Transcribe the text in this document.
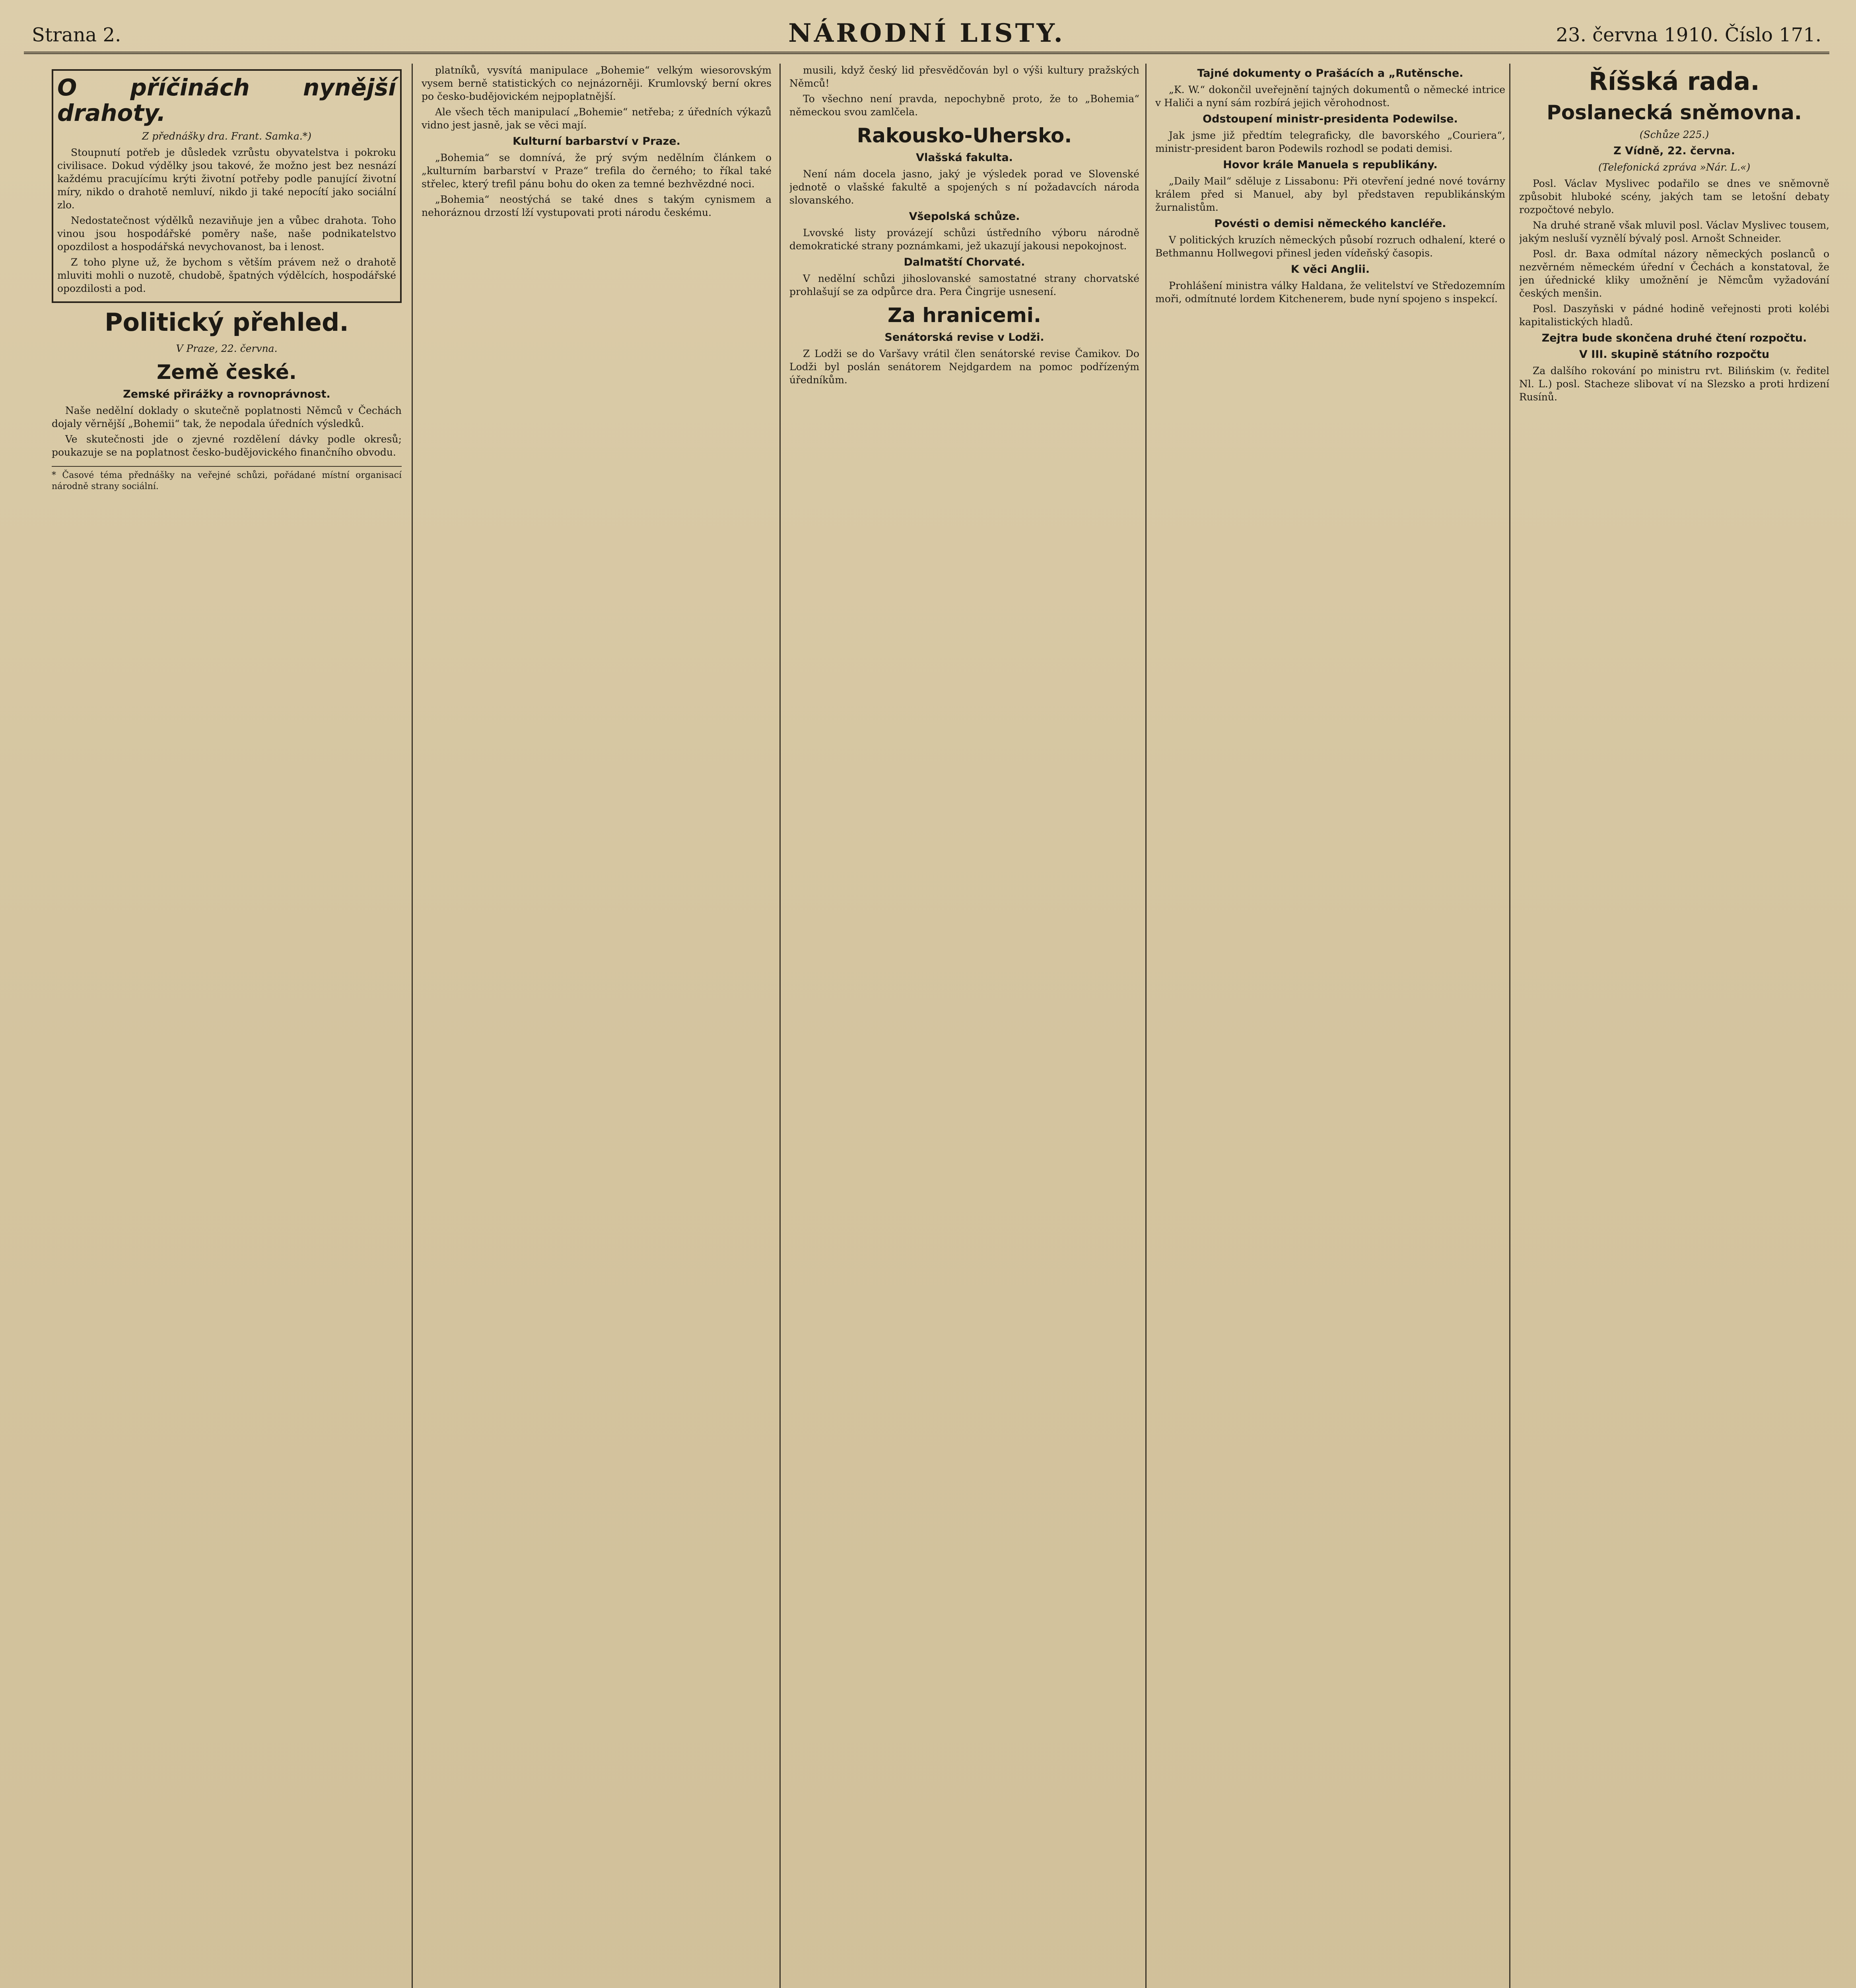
Strana 2.	NÁRODNÍ LISTY.	23. června 1910. Číslo 171.
O příčinách nynější drahoty.
Z přednášky dra. Frant. Samka.*)

Stoupnutí potřeb je důsledek vzrůstu obyvatelstva i pokroku civilisace. Dokud výdělky jsou takové, že možno jest bez nesnází každému pracujícímu krýti životní potřeby podle panující životní míry, nikdo o drahotě nemluví, nikdo ji také nepocítí jako sociální zlo.

Nedostatečnost výdělků nezaviňuje jen a vůbec drahota. Toho vinou jsou hospodářské poměry naše, naše podnikatelstvo opozdilost a hospodářská nevychovanost, ba i lenost.

Z toho plyne už, že bychom s větším právem než o drahotě mluviti mohli o nuzotě, chudobě, špatných výdělcích, hospodářské opozdilosti a pod.

Politický přehled.
V Praze, 22. června.
Země české.
Zemské přirážky a rovnoprávnost.

Naše nedělní doklady o skutečně poplatnosti Němců v Čechách dojaly věrnější „Bohemii“ tak, že nepodala úředních výsledků.

Ve skutečnosti jde o zjevné rozdělení dávky podle okresů; poukazuje se na poplatnost česko-budějovického finančního obvodu.

* Časové téma přednášky na veřejné schůzi, pořádané místní organisací národně strany sociální.

platníků, vysvítá manipulace „Bohemie“ velkým wiesorovským vysem berně statistických co nejnázorněji. Krumlovský berní okres po česko-budějovickém nejpoplatnější.

Ale všech těch manipulací „Bohemie“ netřeba; z úředních výkazů vidno jest jasně, jak se věci mají.

Kulturní barbarství v Praze.

„Bohemia“ se domnívá, že prý svým nedělním článkem o „kulturním barbarství v Praze“ trefila do černého; to říkal také střelec, který trefil pánu bohu do oken za temné bezhvězdné noci.

„Bohemia“ neostýchá se také dnes s takým cynismem a nehoráznou drzostí lží vystupovati proti národu českému.

musili, když český lid přesvědčován byl o výši kultury pražských Němců!

To všechno není pravda, nepochybně proto, že to „Bohemia“ německou svou zamlčela.

Rakousko-Uhersko.
Vlašská fakulta.

Není nám docela jasno, jaký je výsledek porad ve Slovenské jednotě o vlašské fakultě a spojených s ní požadavcích národa slovanského.

Všepolská schůze.

Lvovské listy provázejí schůzi ústředního výboru národně demokratické strany poznámkami, jež ukazují jakousi nepokojnost.

Dalmatští Chorvaté.

V nedělní schůzi jihoslovanské samostatné strany chorvatské prohlašují se za odpůrce dra. Pera Čingrije usnesení.

Za hranicemi.
Senátorská revise v Lodži.

Z Lodži se do Varšavy vrátil člen senátorské revise Čamikov. Do Lodži byl poslán senátorem Nejdgardem na pomoc podřízeným úředníkům.

Tajné dokumenty o Prašácích a „Rutěnsche.

„K. W.“ dokončil uveřejnění tajných dokumentů o německé intrice v Haliči a nyní sám rozbírá jejich věrohodnost.

Odstoupení ministr-presidenta Podewilse.

Jak jsme již předtím telegraficky, dle bavorského „Couriera“, ministr-president baron Podewils rozhodl se podati demisi.

Hovor krále Manuela s republikány.

„Daily Mail“ sděluje z Lissabonu: Při otevření jedné nové továrny králem před si Manuel, aby byl představen republikánským žurnalistům.

Povésti o demisi německého kancléře.

V politických kruzích německých působí rozruch odhalení, které o Bethmannu Hollwegovi přinesl jeden vídeňský časopis.

K věci Anglii.

Prohlášení ministra války Haldana, že velitelství ve Středozemním moři, odmítnuté lordem Kitchenerem, bude nyní spojeno s inspekcí.

Říšská rada.
Poslanecká sněmovna.
(Schůze 225.)
Z Vídně, 22. června.
(Telefonická zpráva »Nár. L.«)

Posl. Václav Myslivec podařilo se dnes ve sněmovně způsobit hluboké scény, jakých tam se letošní debaty rozpočtové nebylo.

Na druhé straně však mluvil posl. Václav Myslivec tousem, jakým nesluší vyznělí bývalý posl. Arnošt Schneider.

Posl. dr. Baxa odmítal názory německých poslanců o nezvěrném německém úřední v Čechách a konstatoval, že jen úřednické kliky umožnění je Němcům vyžadování českých menšin.

Posl. Daszyňski v pádné hodině veřejnosti proti kolébi kapitalistických hladů.

Zejtra bude skončena druhé čtení rozpočtu.
V III. skupině státního rozpočtu

Za dalšího rokování po ministru rvt. Bilińskim (v. ředitel Nl. L.) posl. Stacheze slibovat ví na Slezsko a proti hrdizení Rusínů.
